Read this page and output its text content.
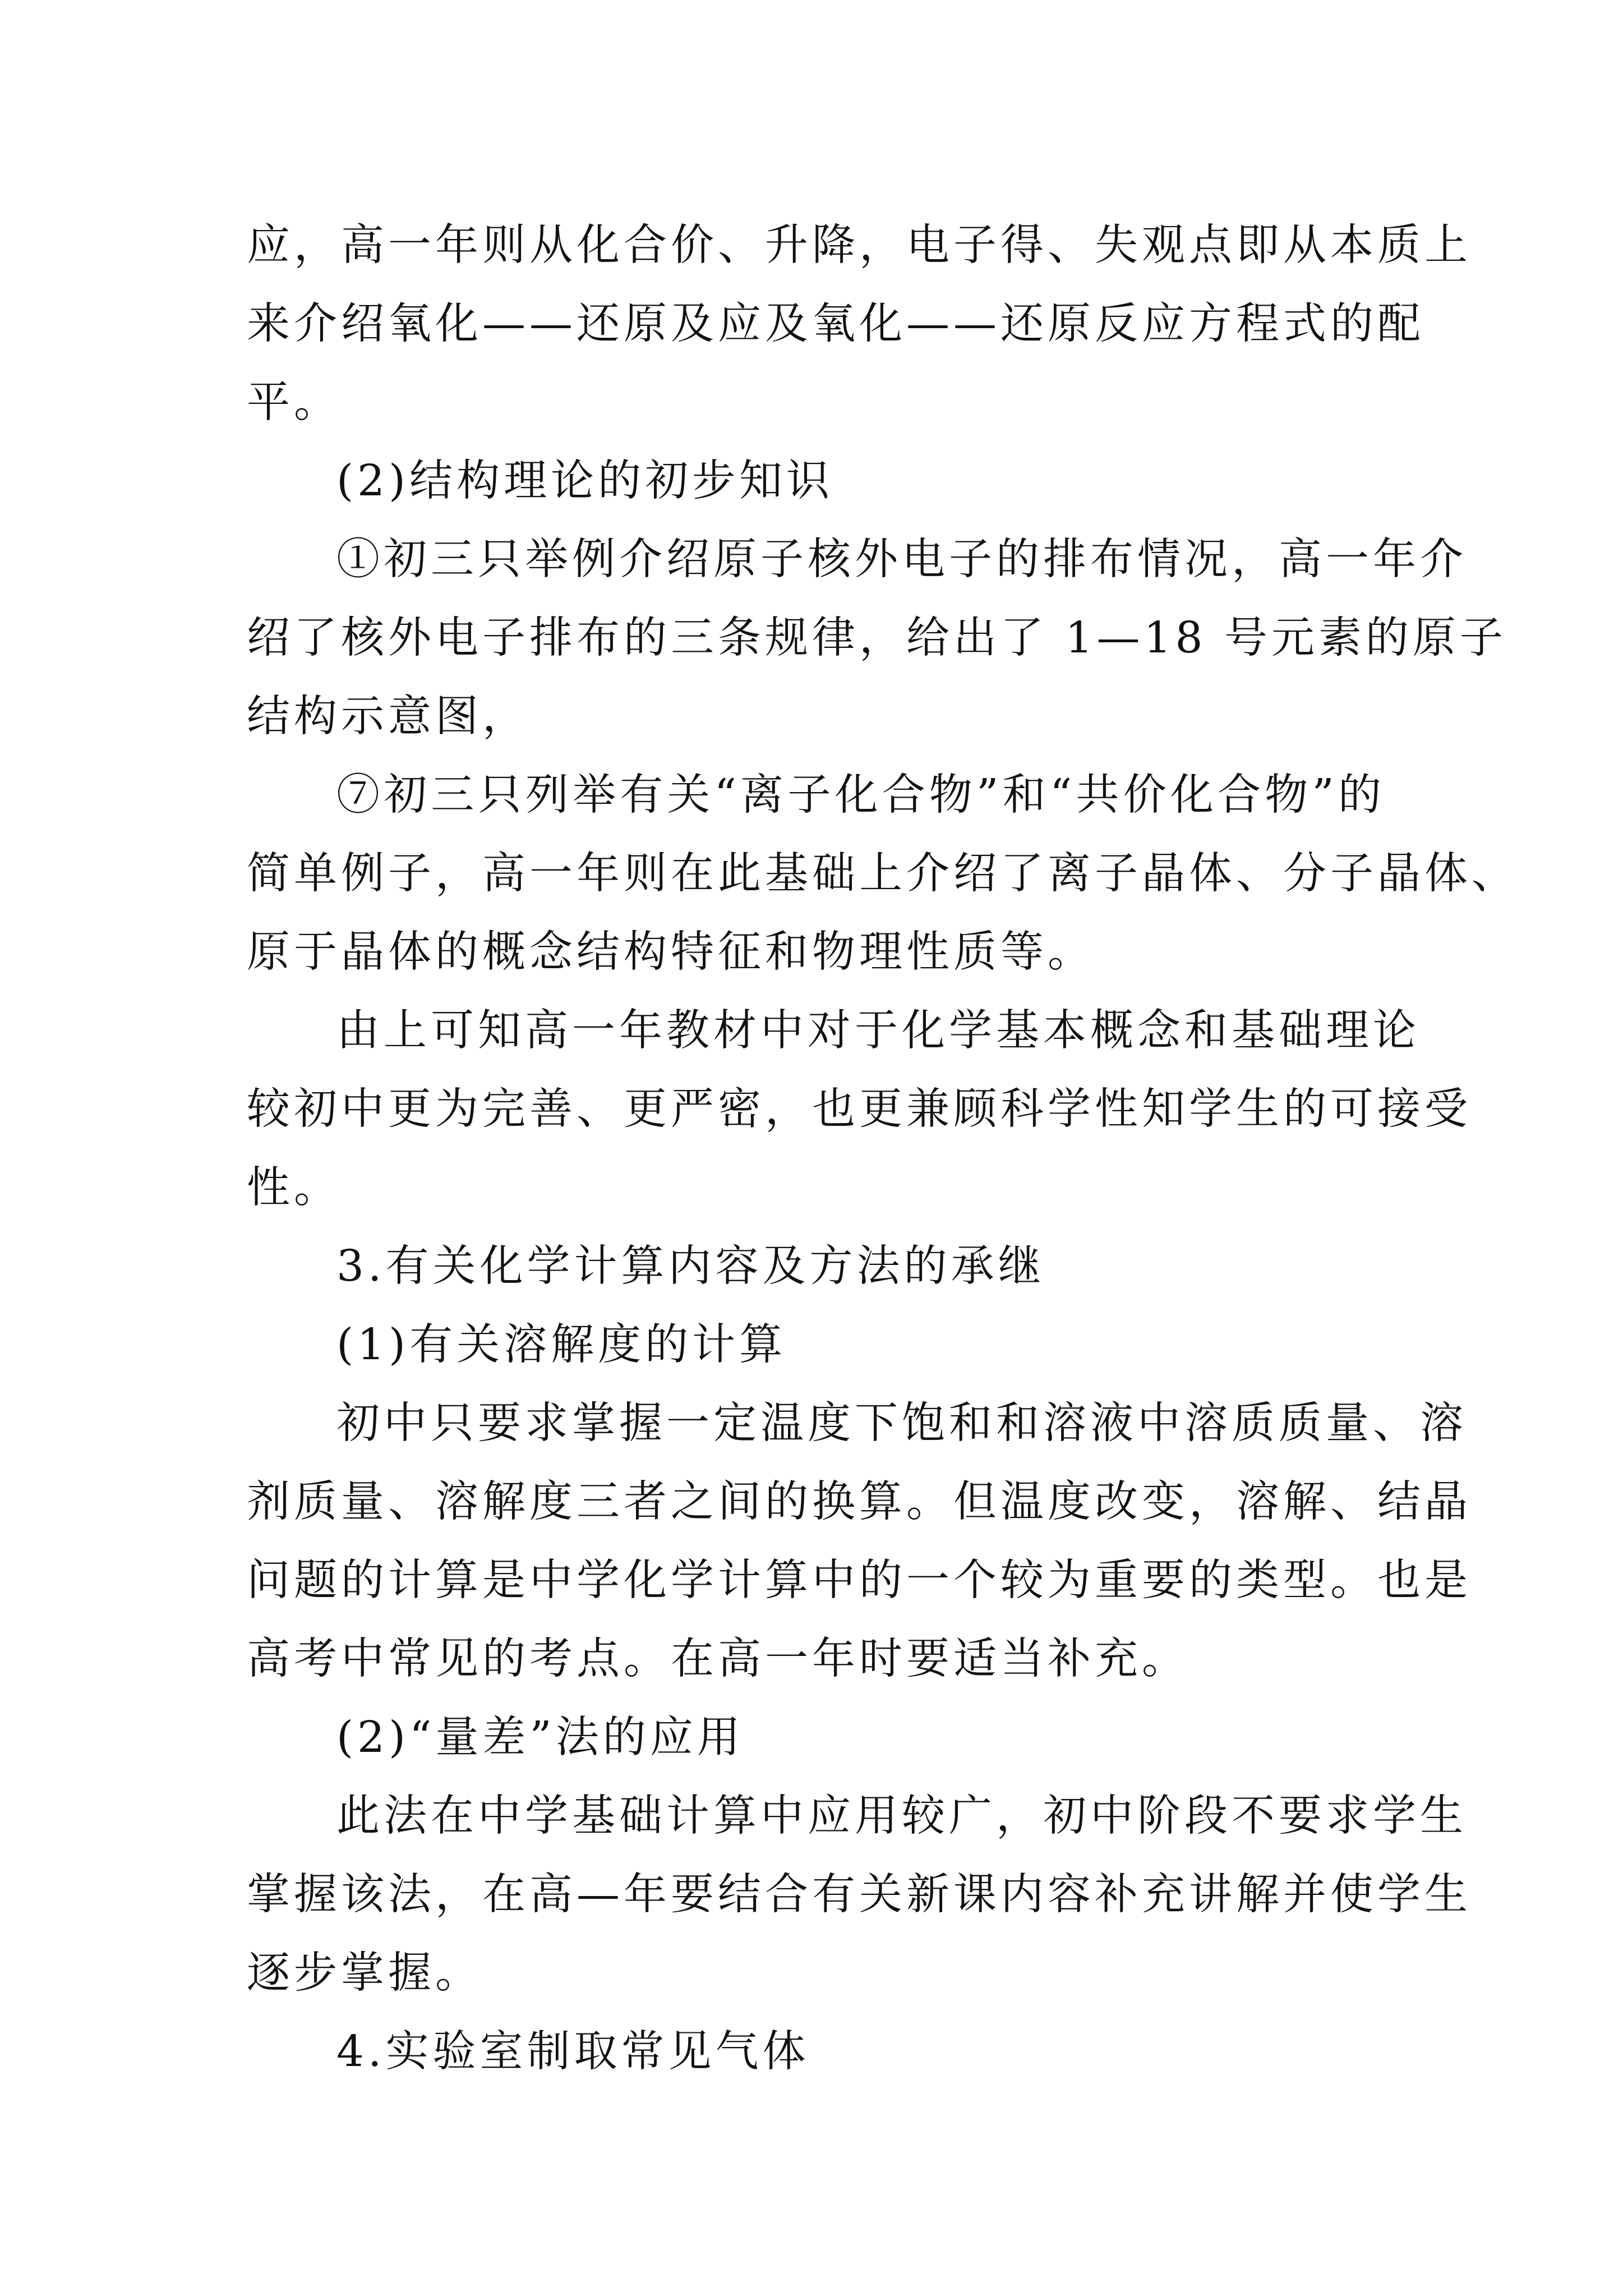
应，高一年则从化合价、升降，电子得、失观点即从本质上
来介绍氧化——还原及应及氧化——还原反应方程式的配
平。
(2)结构理论的初步知识
①初三只举例介绍原子核外电子的排布情况，高一年介
绍了核外电子排布的三条规律，给出了 1—18 号元素的原子
结构示意图，
⑦初三只列举有关“离子化合物”和“共价化合物”的
简单例子，高一年则在此基础上介绍了离子晶体、分子晶体、
原于晶体的概念结构特征和物理性质等。
由上可知高一年教材中对于化学基本概念和基础理论
较初中更为完善、更严密，也更兼顾科学性知学生的可接受
性。
3.有关化学计算内容及方法的承继
(1)有关溶解度的计算
初中只要求掌握一定温度下饱和和溶液中溶质质量、溶
剂质量、溶解度三者之间的换算。但温度改变，溶解、结晶
问题的计算是中学化学计算中的一个较为重要的类型。也是
高考中常见的考点。在高一年时要适当补充。
(2)“量差”法的应用
此法在中学基础计算中应用较广，初中阶段不要求学生
掌握该法，在高—年要结合有关新课内容补充讲解并使学生
逐步掌握。
4.实验室制取常见气体
